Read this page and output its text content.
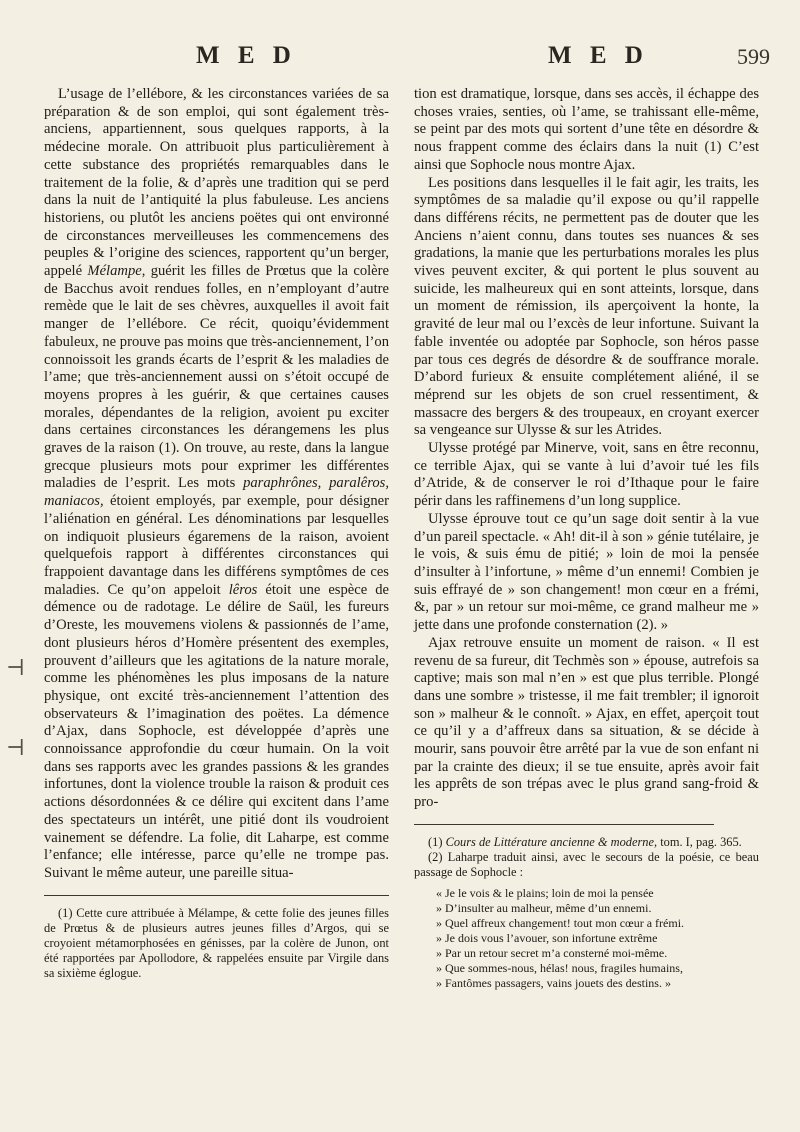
M E D	M E D	599
⊣
⊣

L’usage de l’ellébore, & les circonstances variées de sa préparation & de son emploi, qui sont également très-anciens, appartiennent, sous quelques rapports, à la médecine morale. On attribuoit plus particulièrement à cette substance des propriétés remarquables dans le traitement de la folie, & d’après une tradition qui se perd dans la nuit de l’antiquité la plus fabuleuse. Les anciens historiens, ou plutôt les anciens poëtes qui ont environné de circonstances merveilleuses les commencemens des peuples & l’origine des sciences, rapportent qu’un berger, appelé Mélampe, guérit les filles de Prœtus que la colère de Bacchus avoit rendues folles, en n’employant d’autre remède que le lait de ses chèvres, auxquelles il avoit fait manger de l’ellébore. Ce récit, quoiqu’évidemment fabuleux, ne prouve pas moins que très-anciennement, l’on connoissoit les grands écarts de l’esprit & les maladies de l’ame; que très-anciennement aussi on s’étoit occupé de moyens propres à les guérir, & que certaines causes morales, dépendantes de la religion, avoient pu exciter dans certaines circonstances les dérangemens les plus graves de la raison (1). On trouve, au reste, dans la langue grecque plusieurs mots pour exprimer les différentes maladies de l’esprit. Les mots paraphrônes, paralêros, maniacos, étoient employés, par exemple, pour désigner l’aliénation en général. Les dénominations par lesquelles on indiquoit plusieurs égaremens de la raison, avoient quelquefois rapport à différentes circonstances qui frappoient davantage dans les différens symptômes de ces maladies. Ce qu’on appeloit lêros étoit une espèce de démence ou de radotage. Le délire de Saül, les fureurs d’Oreste, les mouvemens violens & passionnés de l’ame, dont plusieurs héros d’Homère présentent des exemples, prouvent d’ailleurs que les agitations de la nature morale, comme les phénomènes les plus imposans de la nature physique, ont excité très-anciennement l’attention des observateurs & l’imagination des poëtes. La démence d’Ajax, dans Sophocle, est développée d’après une connoissance approfondie du cœur humain. On la voit dans ses rapports avec les grandes passions & les grandes infortunes, dont la violence trouble la raison & produit ces actions désordonnées & ce délire qui excitent dans l’ame des spectateurs un intérêt, une pitié dont ils voudroient vainement se défendre. La folie, dit Laharpe, est comme l’enfance; elle intéresse, parce qu’elle ne trompe pas. Suivant le même auteur, une pareille situa-

(1) Cette cure attribuée à Mélampe, & cette folie des jeunes filles de Prœtus & de plusieurs autres jeunes filles d’Argos, qui se croyoient métamorphosées en génisses, par la colère de Junon, ont été rapportées par Apollodore, & rappelées ensuite par Virgile dans sa sixième églogue.

tion est dramatique, lorsque, dans ses accès, il échappe des choses vraies, senties, où l’ame, se trahissant elle-même, se peint par des mots qui sortent d’une tête en désordre & nous frappent comme des éclairs dans la nuit (1) C’est ainsi que Sophocle nous montre Ajax.

Les positions dans lesquelles il le fait agir, les traits, les symptômes de sa maladie qu’il expose ou qu’il rappelle dans différens récits, ne permettent pas de douter que les Anciens n’aient connu, dans toutes ses nuances & ses gradations, la manie que les perturbations morales les plus vives peuvent exciter, & qui portent le plus souvent au suicide, les malheureux qui en sont atteints, lorsque, dans un moment de rémission, ils aperçoivent la honte, la gravité de leur mal ou l’excès de leur infortune. Suivant la fable inventée ou adoptée par Sophocle, son héros passe par tous ces degrés de désordre & de souffrance morale. D’abord furieux & ensuite complétement aliéné, il se méprend sur les objets de son cruel ressentiment, & massacre des bergers & des troupeaux, en croyant exercer sa vengeance sur Ulysse & sur les Atrides.

Ulysse protégé par Minerve, voit, sans en être reconnu, ce terrible Ajax, qui se vante à lui d’avoir tué les fils d’Atride, & de conserver le roi d’Ithaque pour le faire périr dans les raffinemens d’un long supplice.

Ulysse éprouve tout ce qu’un sage doit sentir à la vue d’un pareil spectacle. « Ah! dit-il à son » génie tutélaire, je le vois, & suis ému de pitié; » loin de moi la pensée d’insulter à l’infortune, » même d’un ennemi! Combien je suis effrayé de » son changement! mon cœur en a frémi, &, par » un retour sur moi-même, ce grand malheur me » jette dans une profonde consternation (2). »

Ajax retrouve ensuite un moment de raison. « Il est revenu de sa fureur, dit Techmès son » épouse, autrefois sa captive; mais son mal n’en » est que plus terrible. Plongé dans une sombre » tristesse, il me fait trembler; il ignoroit son » malheur & le connoît. » Ajax, en effet, aperçoit tout ce qu’il y a d’affreux dans sa situation, & se décide à mourir, sans pouvoir être arrêté par la vue de son enfant ni par la crainte des dieux; il se tue ensuite, après avoir fait les apprêts de son trépas avec le plus grand sang-froid & pro-

(1) Cours de Littérature ancienne & moderne, tom. I, pag. 365.

(2) Laharpe traduit ainsi, avec le secours de la poésie, ce beau passage de Sophocle :

« Je le vois & le plains; loin de moi la pensée
» D’insulter au malheur, même d’un ennemi.
» Quel affreux changement! tout mon cœur a frémi.
» Je dois vous l’avouer, son infortune extrême
» Par un retour secret m’a consterné moi-même.
» Que sommes-nous, hélas! nous, fragiles humains,
» Fantômes passagers, vains jouets des destins. »
